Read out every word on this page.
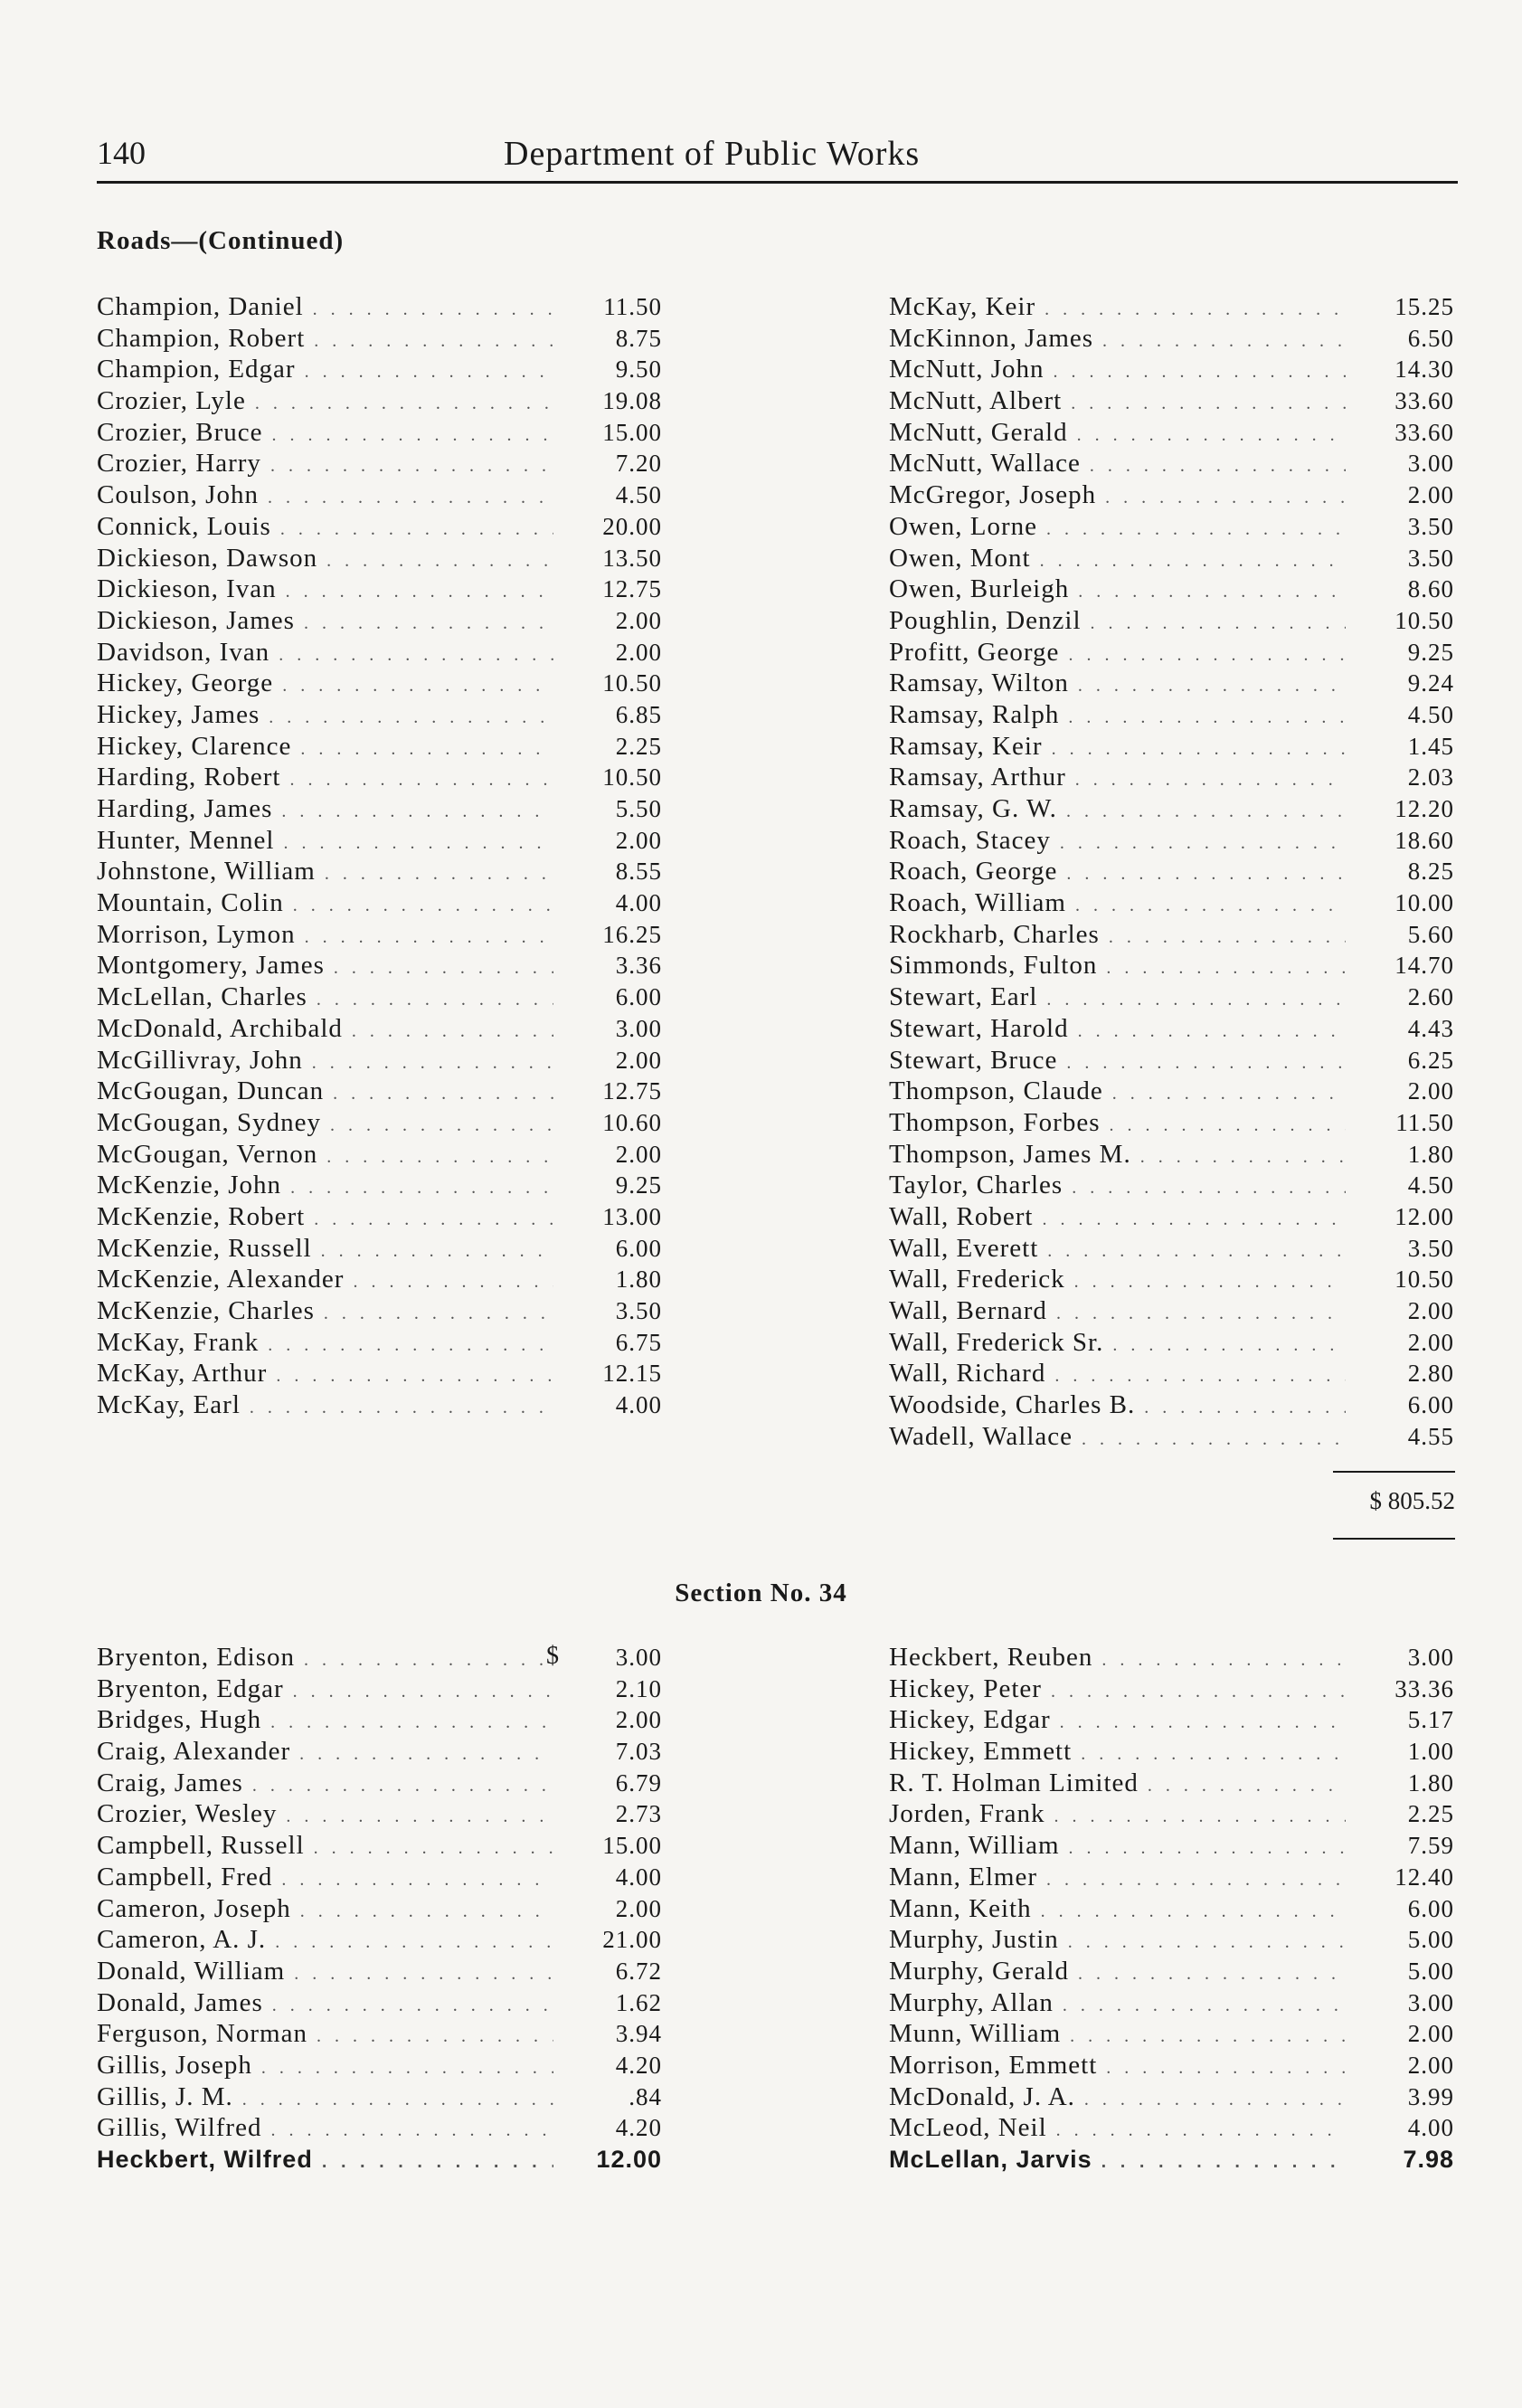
140	Department of Public Works
Roads—(Continued)
Champion, Daniel . . .	11.50
Champion, Robert . . .	8.75
Champion, Edgar . . .	9.50
Crozier, Lyle . . .	19.08
Crozier, Bruce . . .	15.00
Crozier, Harry . . .	7.20
Coulson, John . . .	4.50
Connick, Louis . . .	20.00
Dickieson, Dawson . . .	13.50
Dickieson, Ivan . . .	12.75
Dickieson, James . . .	2.00
Davidson, Ivan . . .	2.00
Hickey, George . . .	10.50
Hickey, James . . .	6.85
Hickey, Clarence . . .	2.25
Harding, Robert . . .	10.50
Harding, James . . .	5.50
Hunter, Mennel . . .	2.00
Johnstone, William . . .	8.55
Mountain, Colin . . .	4.00
Morrison, Lymon . . .	16.25
Montgomery, James . . .	3.36
McLellan, Charles . . .	6.00
McDonald, Archibald . . .	3.00
McGillivray, John . . .	2.00
McGougan, Duncan . . .	12.75
McGougan, Sydney . . .	10.60
McGougan, Vernon . . .	2.00
McKenzie, John . . .	9.25
McKenzie, Robert . . .	13.00
McKenzie, Russell . . .	6.00
McKenzie, Alexander . . .	1.80
McKenzie, Charles . . .	3.50
McKay, Frank . . .	6.75
McKay, Arthur . . .	12.15
McKay, Earl . . .	4.00
McKay, Keir . . .	15.25
McKinnon, James . . .	6.50
McNutt, John . . .	14.30
McNutt, Albert . . .	33.60
McNutt, Gerald . . .	33.60
McNutt, Wallace . . .	3.00
McGregor, Joseph . . .	2.00
Owen, Lorne . . .	3.50
Owen, Mont . . .	3.50
Owen, Burleigh . . .	8.60
Poughlin, Denzil . . .	10.50
Profitt, George . . .	9.25
Ramsay, Wilton . . .	9.24
Ramsay, Ralph . . .	4.50
Ramsay, Keir . . .	1.45
Ramsay, Arthur . . .	2.03
Ramsay, G. W. . . .	12.20
Roach, Stacey . . .	18.60
Roach, George . . .	8.25
Roach, William . . .	10.00
Rockharb, Charles . . .	5.60
Simmonds, Fulton . . .	14.70
Stewart, Earl . . .	2.60
Stewart, Harold . . .	4.43
Stewart, Bruce . . .	6.25
Thompson, Claude . . .	2.00
Thompson, Forbes . . .	11.50
Thompson, James M. . . .	1.80
Taylor, Charles . . .	4.50
Wall, Robert . . .	12.00
Wall, Everett . . .	3.50
Wall, Frederick . . .	10.50
Wall, Bernard . . .	2.00
Wall, Frederick Sr. . . .	2.00
Wall, Richard . . .	2.80
Woodside, Charles B. . . .	6.00
Wadell, Wallace . . .	4.55
$ 805.52
Section No. 34
Bryenton, Edison . . .	3.00
Bryenton, Edgar . . .	2.10
Bridges, Hugh . . .	2.00
Craig, Alexander . . .	7.03
Craig, James . . .	6.79
Crozier, Wesley . . .	2.73
Campbell, Russell . . .	15.00
Campbell, Fred . . .	4.00
Cameron, Joseph . . .	2.00
Cameron, A. J. . . .	21.00
Donald, William . . .	6.72
Donald, James . . .	1.62
Ferguson, Norman . . .	3.94
Gillis, Joseph . . .	4.20
Gillis, J. M. . . .	.84
Gillis, Wilfred . . .	4.20
Heckbert, Wilfred . . .	12.00
Heckbert, Reuben . . .	3.00
Hickey, Peter . . .	33.36
Hickey, Edgar . . .	5.17
Hickey, Emmett . . .	1.00
R. T. Holman Limited . . .	1.80
Jorden, Frank . . .	2.25
Mann, William . . .	7.59
Mann, Elmer . . .	12.40
Mann, Keith . . .	6.00
Murphy, Justin . . .	5.00
Murphy, Gerald . . .	5.00
Murphy, Allan . . .	3.00
Munn, William . . .	2.00
Morrison, Emmett . . .	2.00
McDonald, J. A. . . .	3.99
McLeod, Neil . . .	4.00
McLellan, Jarvis . . .	7.98
$
